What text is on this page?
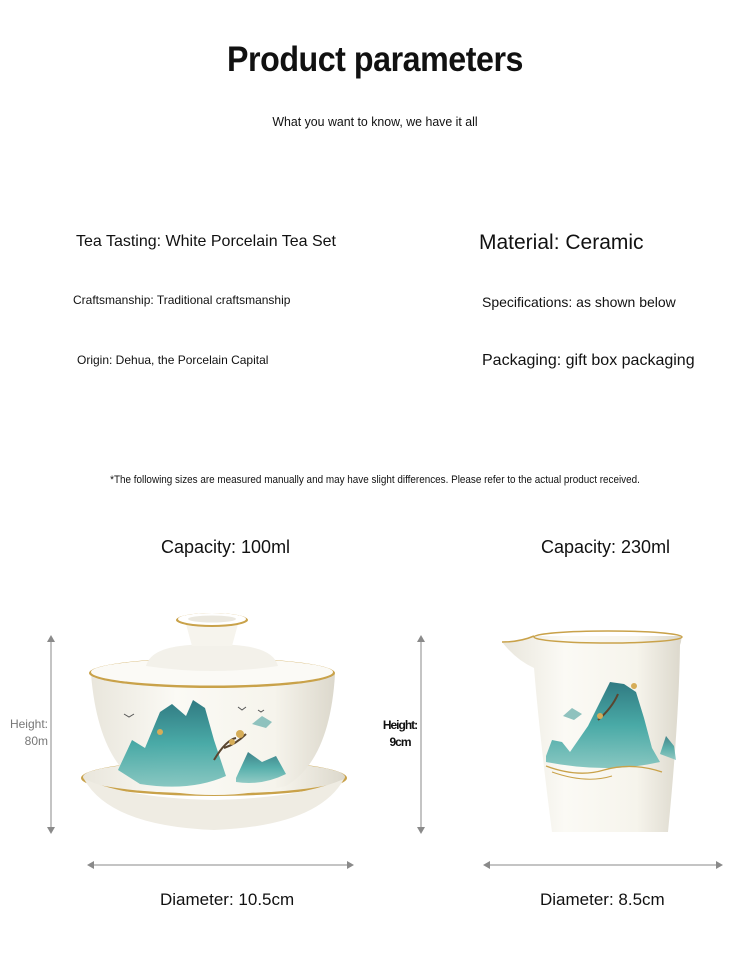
Product parameters
What you want to know, we have it all
Tea Tasting: White Porcelain Tea Set	Material: Ceramic
Craftsmanship: Traditional craftsmanship	Specifications: as shown below
Origin: Dehua, the Porcelain Capital	Packaging: gift box packaging
*The following sizes are measured manually and may have slight differences. Please refer to the actual product received.
Capacity: 100ml	Capacity: 230ml
Height:
80m
Height:
9cm
Diameter: 10.5cm	Diameter: 8.5cm
